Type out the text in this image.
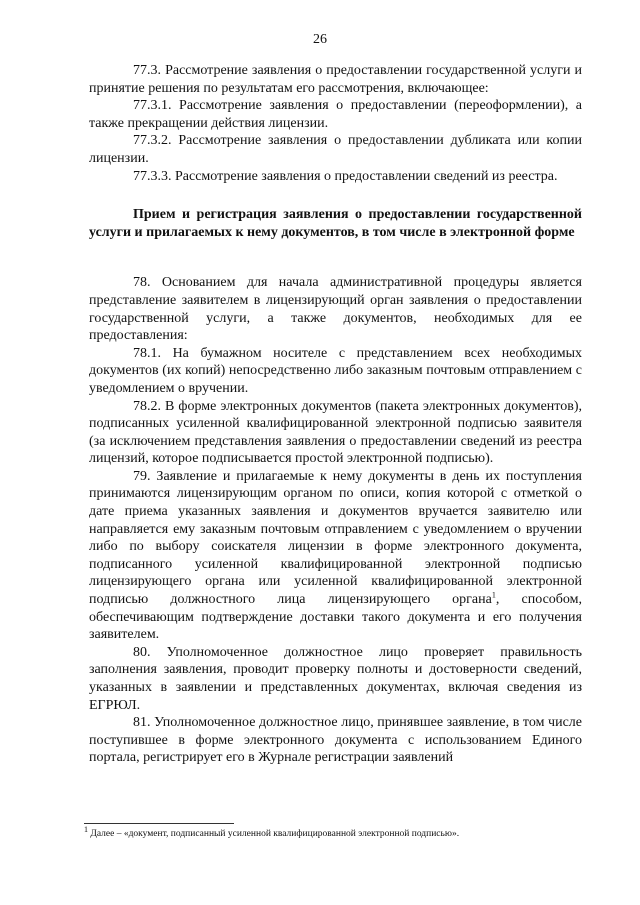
26

77.3. Рассмотрение заявления о предоставлении государственной услуги и принятие решения по результатам его рассмотрения, включающее:

77.3.1. Рассмотрение заявления о предоставлении (переоформлении), а также прекращении действия лицензии.

77.3.2. Рассмотрение заявления о предоставлении дубликата или копии лицензии.

77.3.3. Рассмотрение заявления о предоставлении сведений из реестра.

Прием и регистрация заявления о предоставлении государственной услуги и прилагаемых к нему документов, в том числе в электронной форме

78. Основанием для начала административной процедуры является представление заявителем в лицензирующий орган заявления о предоставлении государственной услуги, а также документов, необходимых для ее предоставления:

78.1. На бумажном носителе с представлением всех необходимых документов (их копий) непосредственно либо заказным почтовым отправлением с уведомлением о вручении.

78.2. В форме электронных документов (пакета электронных документов), подписанных усиленной квалифицированной электронной подписью заявителя (за исключением представления заявления о предоставлении сведений из реестра лицензий, которое подписывается простой электронной подписью).

79. Заявление и прилагаемые к нему документы в день их поступления принимаются лицензирующим органом по описи, копия которой с отметкой о дате приема указанных заявления и документов вручается заявителю или направляется ему заказным почтовым отправлением с уведомлением о вручении либо по выбору соискателя лицензии в форме электронного документа, подписанного усиленной квалифицированной электронной подписью лицензирующего органа или усиленной квалифицированной электронной подписью должностного лица лицензирующего органа$^1$, способом, обеспечивающим подтверждение доставки такого документа и его получения заявителем.

80. Уполномоченное должностное лицо проверяет правильность заполнения заявления, проводит проверку полноты и достоверности сведений, указанных в заявлении и представленных документах, включая сведения из ЕГРЮЛ.

81. Уполномоченное должностное лицо, принявшее заявление, в том числе поступившее в форме электронного документа с использованием Единого портала, регистрирует его в Журнале регистрации заявлений

$^1$ Далее – «документ, подписанный усиленной квалифицированной электронной подписью».
